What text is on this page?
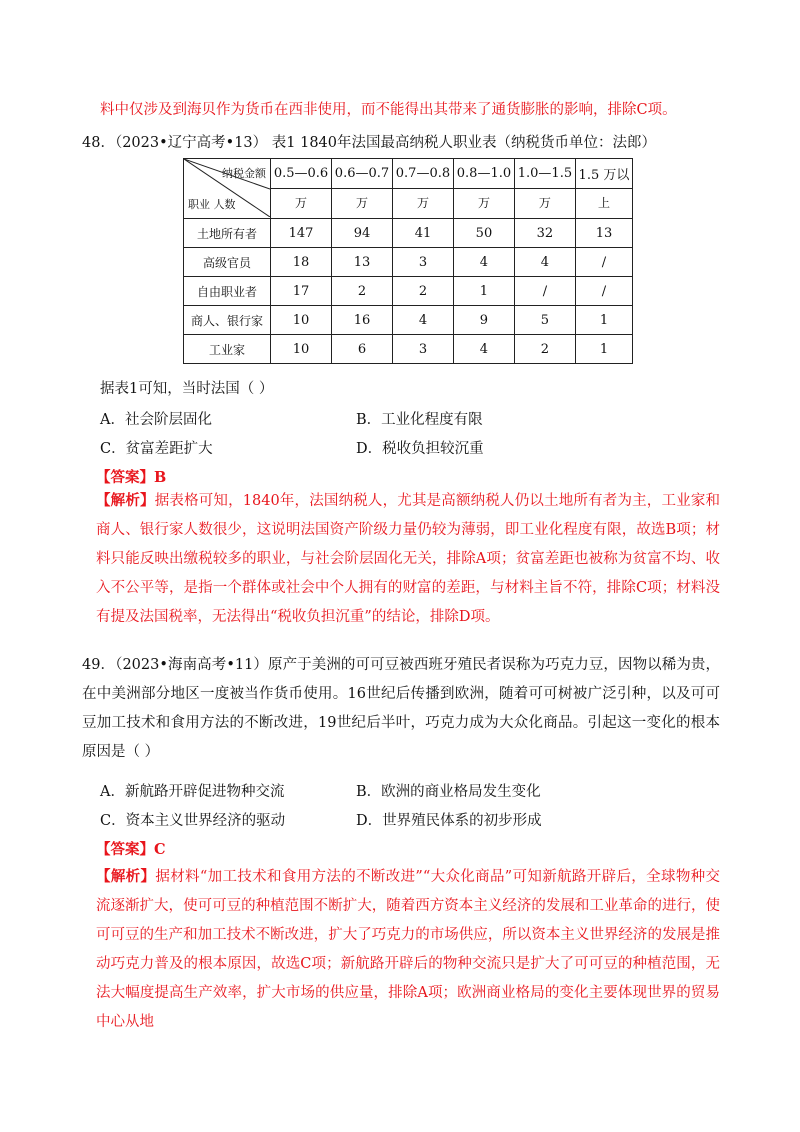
料中仅涉及到海贝作为货币在西非使用，而不能得出其带来了通货膨胀的影响，排除C项。
48．（2023•辽宁高考•13） 表1 1840年法国最高纳税人职业表（纳税货币单位：法郎）
纳税金额
职业 人数	0.5—0.6	0.6—0.7	0.7—0.8	0.8—1.0	1.0—1.5	1.5 万以
	万	万	万	万	万	上
土地所有者	147	94	41	50	32	13
高级官员	18	13	3	4	4	/
自由职业者	17	2	2	1	/	/
商人、银行家	10	16	4	9	5	1
工业家	10	6	3	4	2	1
据表1可知，当时法国（ ）
A．社会阶层固化	B．工业化程度有限
C．贫富差距扩大	D．税收负担较沉重
【答案】B

【解析】据表格可知，1840年，法国纳税人，尤其是高额纳税人仍以土地所有者为主，工业家和商人、银行家人数很少，这说明法国资产阶级力量仍较为薄弱，即工业化程度有限，故选B项；材料只能反映出缴税较多的职业，与社会阶层固化无关，排除A项；贫富差距也被称为贫富不均、收入不公平等，是指一个群体或社会中个人拥有的财富的差距，与材料主旨不符，排除C项；材料没有提及法国税率，无法得出“税收负担沉重”的结论，排除D项。

49．（2023•海南高考•11）原产于美洲的可可豆被西班牙殖民者误称为巧克力豆，因物以稀为贵，在中美洲部分地区一度被当作货币使用。16世纪后传播到欧洲，随着可可树被广泛引种，以及可可豆加工技术和食用方法的不断改进，19世纪后半叶，巧克力成为大众化商品。引起这一变化的根本原因是（ ）

A．新航路开辟促进物种交流	B．欧洲的商业格局发生变化
C．资本主义世界经济的驱动	D．世界殖民体系的初步形成
【答案】C

【解析】据材料“加工技术和食用方法的不断改进”“大众化商品”可知新航路开辟后，全球物种交流逐渐扩大，使可可豆的种植范围不断扩大，随着西方资本主义经济的发展和工业革命的进行，使可可豆的生产和加工技术不断改进，扩大了巧克力的市场供应，所以资本主义世界经济的发展是推动巧克力普及的根本原因，故选C项；新航路开辟后的物种交流只是扩大了可可豆的种植范围，无法大幅度提高生产效率，扩大市场的供应量，排除A项；欧洲商业格局的变化主要体现世界的贸易中心从地
